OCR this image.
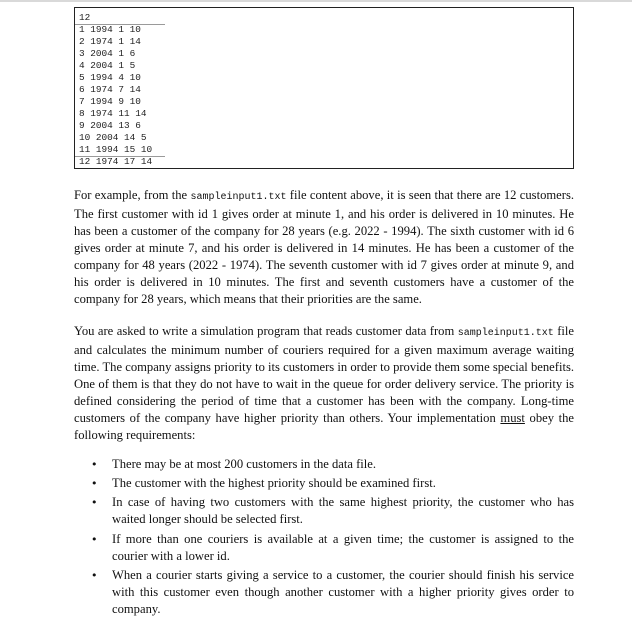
12
1 1994 1 10
2 1974 1 14
3 2004 1 6
4 2004 1 5
5 1994 4 10
6 1974 7 14
7 1994 9 10
8 1974 11 14
9 2004 13 6
10 2004 14 5
11 1994 15 10
12 1974 17 14

For example, from the sampleinput1.txt file content above, it is seen that there are 12 customers. The first customer with id 1 gives order at minute 1, and his order is delivered in 10 minutes. He has been a customer of the company for 28 years (e.g. 2022 - 1994). The sixth customer with id 6 gives order at minute 7, and his order is delivered in 14 minutes. He has been a customer of the company for 48 years (2022 - 1974). The seventh customer with id 7 gives order at minute 9, and his order is delivered in 10 minutes. The first and seventh customers have a customer of the company for 28 years, which means that their priorities are the same.

You are asked to write a simulation program that reads customer data from sampleinput1.txt file and calculates the minimum number of couriers required for a given maximum average waiting time. The company assigns priority to its customers in order to provide them some special benefits. One of them is that they do not have to wait in the queue for order delivery service. The priority is defined considering the period of time that a customer has been with the company. Long-time customers of the company have higher priority than others. Your implementation must obey the following requirements:

• There may be at most 200 customers in the data file.
• The customer with the highest priority should be examined first.
• In case of having two customers with the same highest priority, the customer who has waited longer should be selected first.
• If more than one couriers is available at a given time; the customer is assigned to the courier with a lower id.
• When a courier starts giving a service to a customer, the courier should finish his service with this customer even though another customer with a higher priority gives order to company.
